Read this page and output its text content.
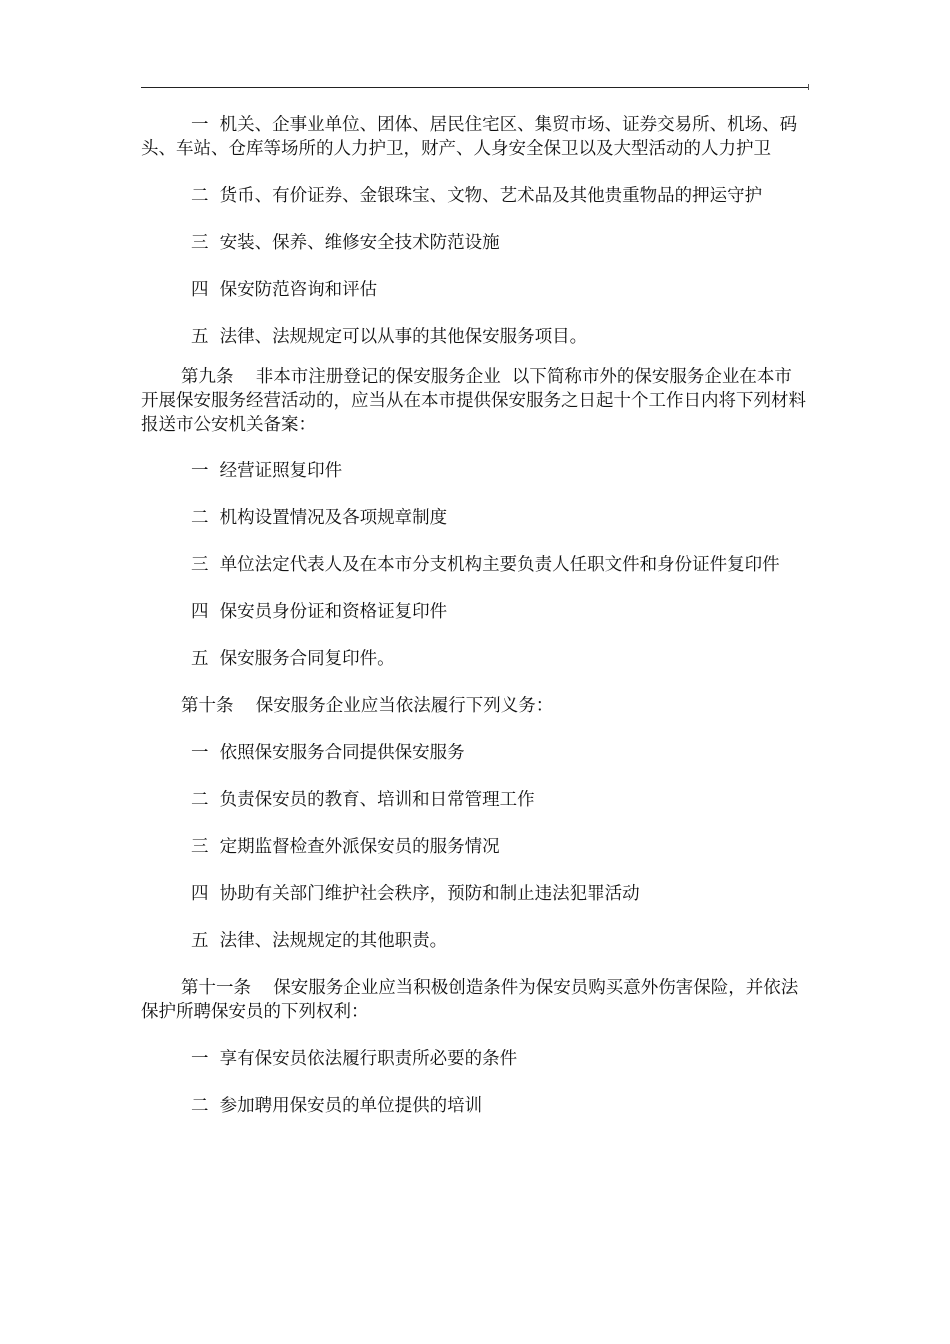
一  机关、企事业单位、团体、居民住宅区、集贸市场、证券交易所、机场、码头、车站、仓库等场所的人力护卫，财产、人身安全保卫以及大型活动的人力护卫

二  货币、有价证券、金银珠宝、文物、艺术品及其他贵重物品的押运守护

三  安装、保养、维修安全技术防范设施

四  保安防范咨询和评估

五  法律、法规规定可以从事的其他保安服务项目。

第九条    非本市注册登记的保安服务企业  以下简称市外的保安服务企业在本市开展保安服务经营活动的，应当从在本市提供保安服务之日起十个工作日内将下列材料报送市公安机关备案：

一  经营证照复印件

二  机构设置情况及各项规章制度

三  单位法定代表人及在本市分支机构主要负责人任职文件和身份证件复印件

四  保安员身份证和资格证复印件

五  保安服务合同复印件。

第十条    保安服务企业应当依法履行下列义务：

一  依照保安服务合同提供保安服务

二  负责保安员的教育、培训和日常管理工作

三  定期监督检查外派保安员的服务情况

四  协助有关部门维护社会秩序，预防和制止违法犯罪活动

五  法律、法规规定的其他职责。

第十一条    保安服务企业应当积极创造条件为保安员购买意外伤害保险，并依法保护所聘保安员的下列权利：

一  享有保安员依法履行职责所必要的条件

二  参加聘用保安员的单位提供的培训
